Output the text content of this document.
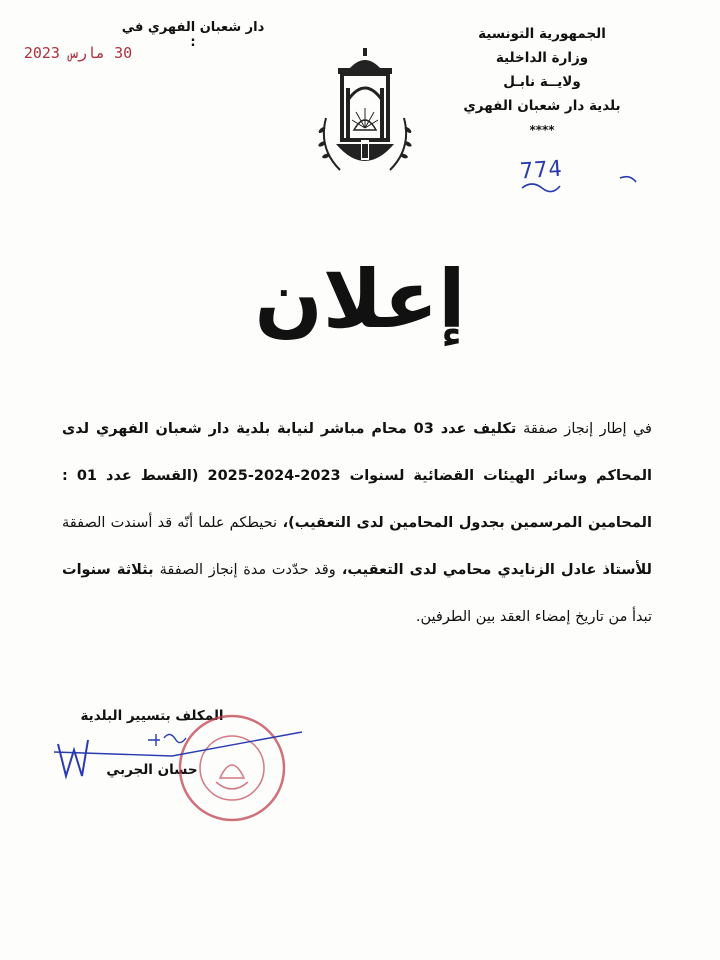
الجمهورية التونسية
وزارة الداخلية
ولايــة نابـل
بلدية دار شعبان الفهري
****
774
دار شعبان الفهري في :
30 مارس 2023
إعلان
في إطار إنجاز صفقة تكليف عدد 03 محام مباشر لنيابة بلدية دار شعبان الفهري لدى المحاكم وسائر الهيئات القضائية لسنوات 2023-2024-2025 (القسط عدد 01 : المحامين المرسمين بجدول المحامين لدى التعقيب)، نحيطكم علما أنّه قد أسندت الصفقة للأستاذ عادل الزنايدي محامي لدى التعقيب، وقد حدّدت مدة إنجاز الصفقة بثلاثة سنوات تبدأ من تاريخ إمضاء العقد بين الطرفين.
المكلف بتسيير البلدية
حسان الجربي
